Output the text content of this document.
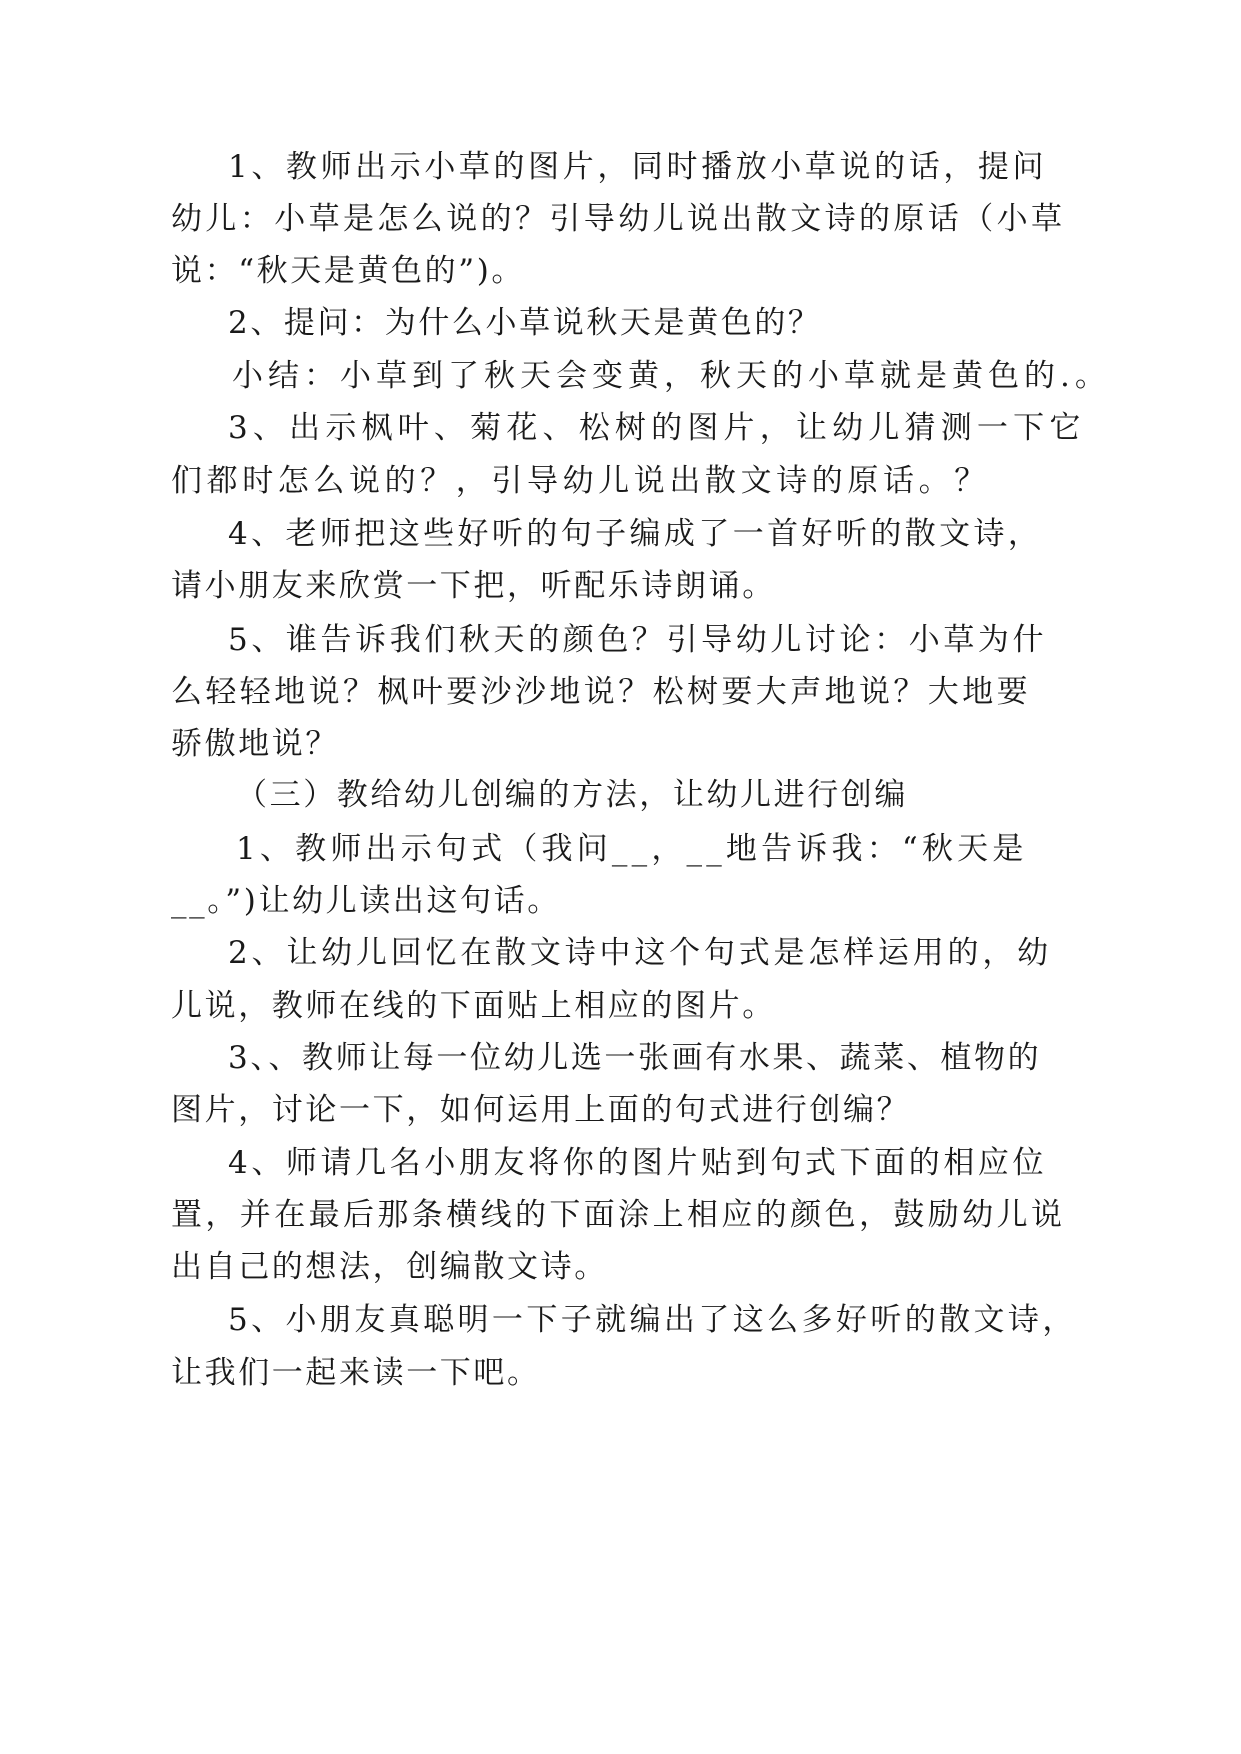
1、教师出示小草的图片，同时播放小草说的话，提问

幼儿：小草是怎么说的？引导幼儿说出散文诗的原话（小草

说：“秋天是黄色的”)。

2、提问：为什么小草说秋天是黄色的？

小结：小草到了秋天会变黄，秋天的小草就是黄色的.。

3、出示枫叶、菊花、松树的图片，让幼儿猜测一下它

们都时怎么说的？，引导幼儿说出散文诗的原话。？

4、老师把这些好听的句子编成了一首好听的散文诗，

请小朋友来欣赏一下把，听配乐诗朗诵。

5、谁告诉我们秋天的颜色？引导幼儿讨论：小草为什

么轻轻地说？枫叶要沙沙地说？松树要大声地说？大地要

骄傲地说？

（三）教给幼儿创编的方法，让幼儿进行创编

1、教师出示句式（我问__，__地告诉我：“秋天是

__。”)让幼儿读出这句话。

2、让幼儿回忆在散文诗中这个句式是怎样运用的，幼

儿说，教师在线的下面贴上相应的图片。

3、、教师让每一位幼儿选一张画有水果、蔬菜、植物的

图片，讨论一下，如何运用上面的句式进行创编？

4、师请几名小朋友将你的图片贴到句式下面的相应位

置，并在最后那条横线的下面涂上相应的颜色，鼓励幼儿说

出自己的想法，创编散文诗。

5、小朋友真聪明一下子就编出了这么多好听的散文诗，

让我们一起来读一下吧。
